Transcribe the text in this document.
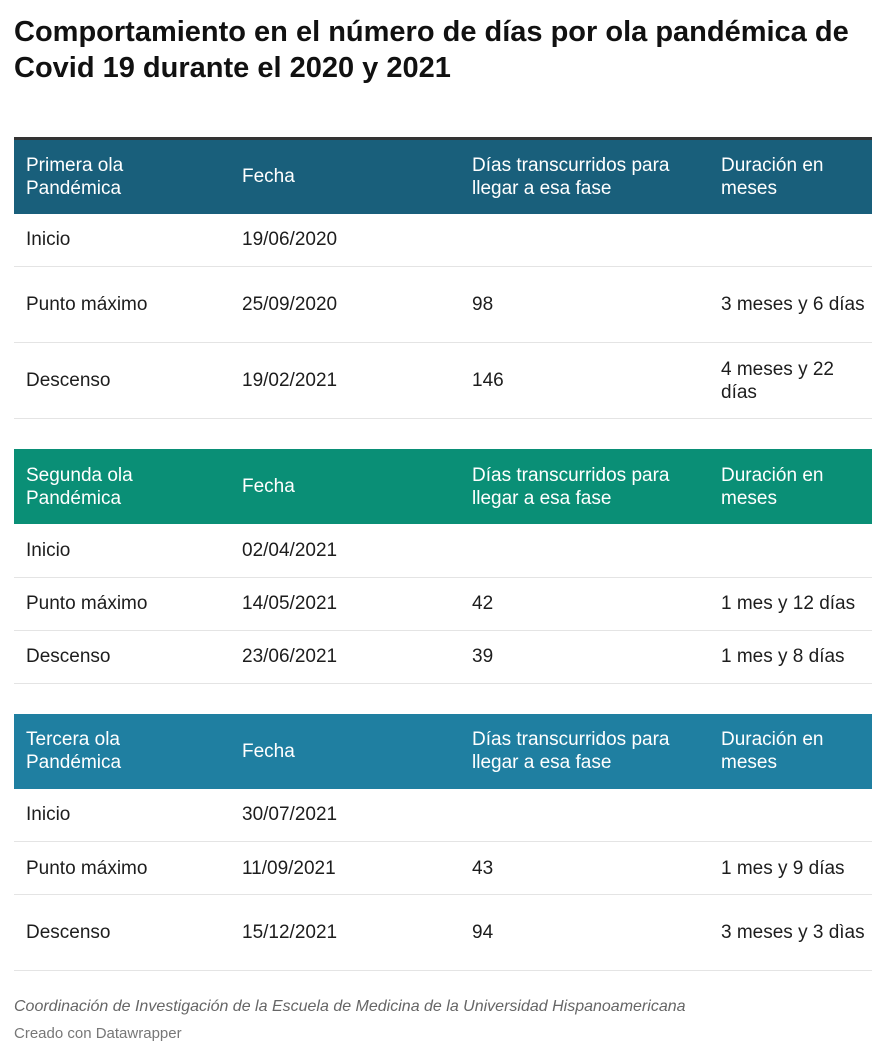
Comportamiento en el número de días por ola pandémica de Covid 19 durante el 2020 y 2021
Primera ola Pandémica	Fecha	Días transcurridos para llegar a esa fase	Duración en meses
Inicio	19/06/2020		
Punto máximo	25/09/2020	98	3 meses y 6 días
Descenso	19/02/2021	146	4 meses y 22 días
Segunda ola Pandémica	Fecha	Días transcurridos para llegar a esa fase	Duración en meses
Inicio	02/04/2021		
Punto máximo	14/05/2021	42	1 mes y 12 días
Descenso	23/06/2021	39	1 mes y 8 días
Tercera ola Pandémica	Fecha	Días transcurridos para llegar a esa fase	Duración en meses
Inicio	30/07/2021		
Punto máximo	11/09/2021	43	1 mes y 9 días
Descenso	15/12/2021	94	3 meses y 3 dìas

Coordinación de Investigación de la Escuela de Medicina de la Universidad Hispanoamericana

Creado con Datawrapper
